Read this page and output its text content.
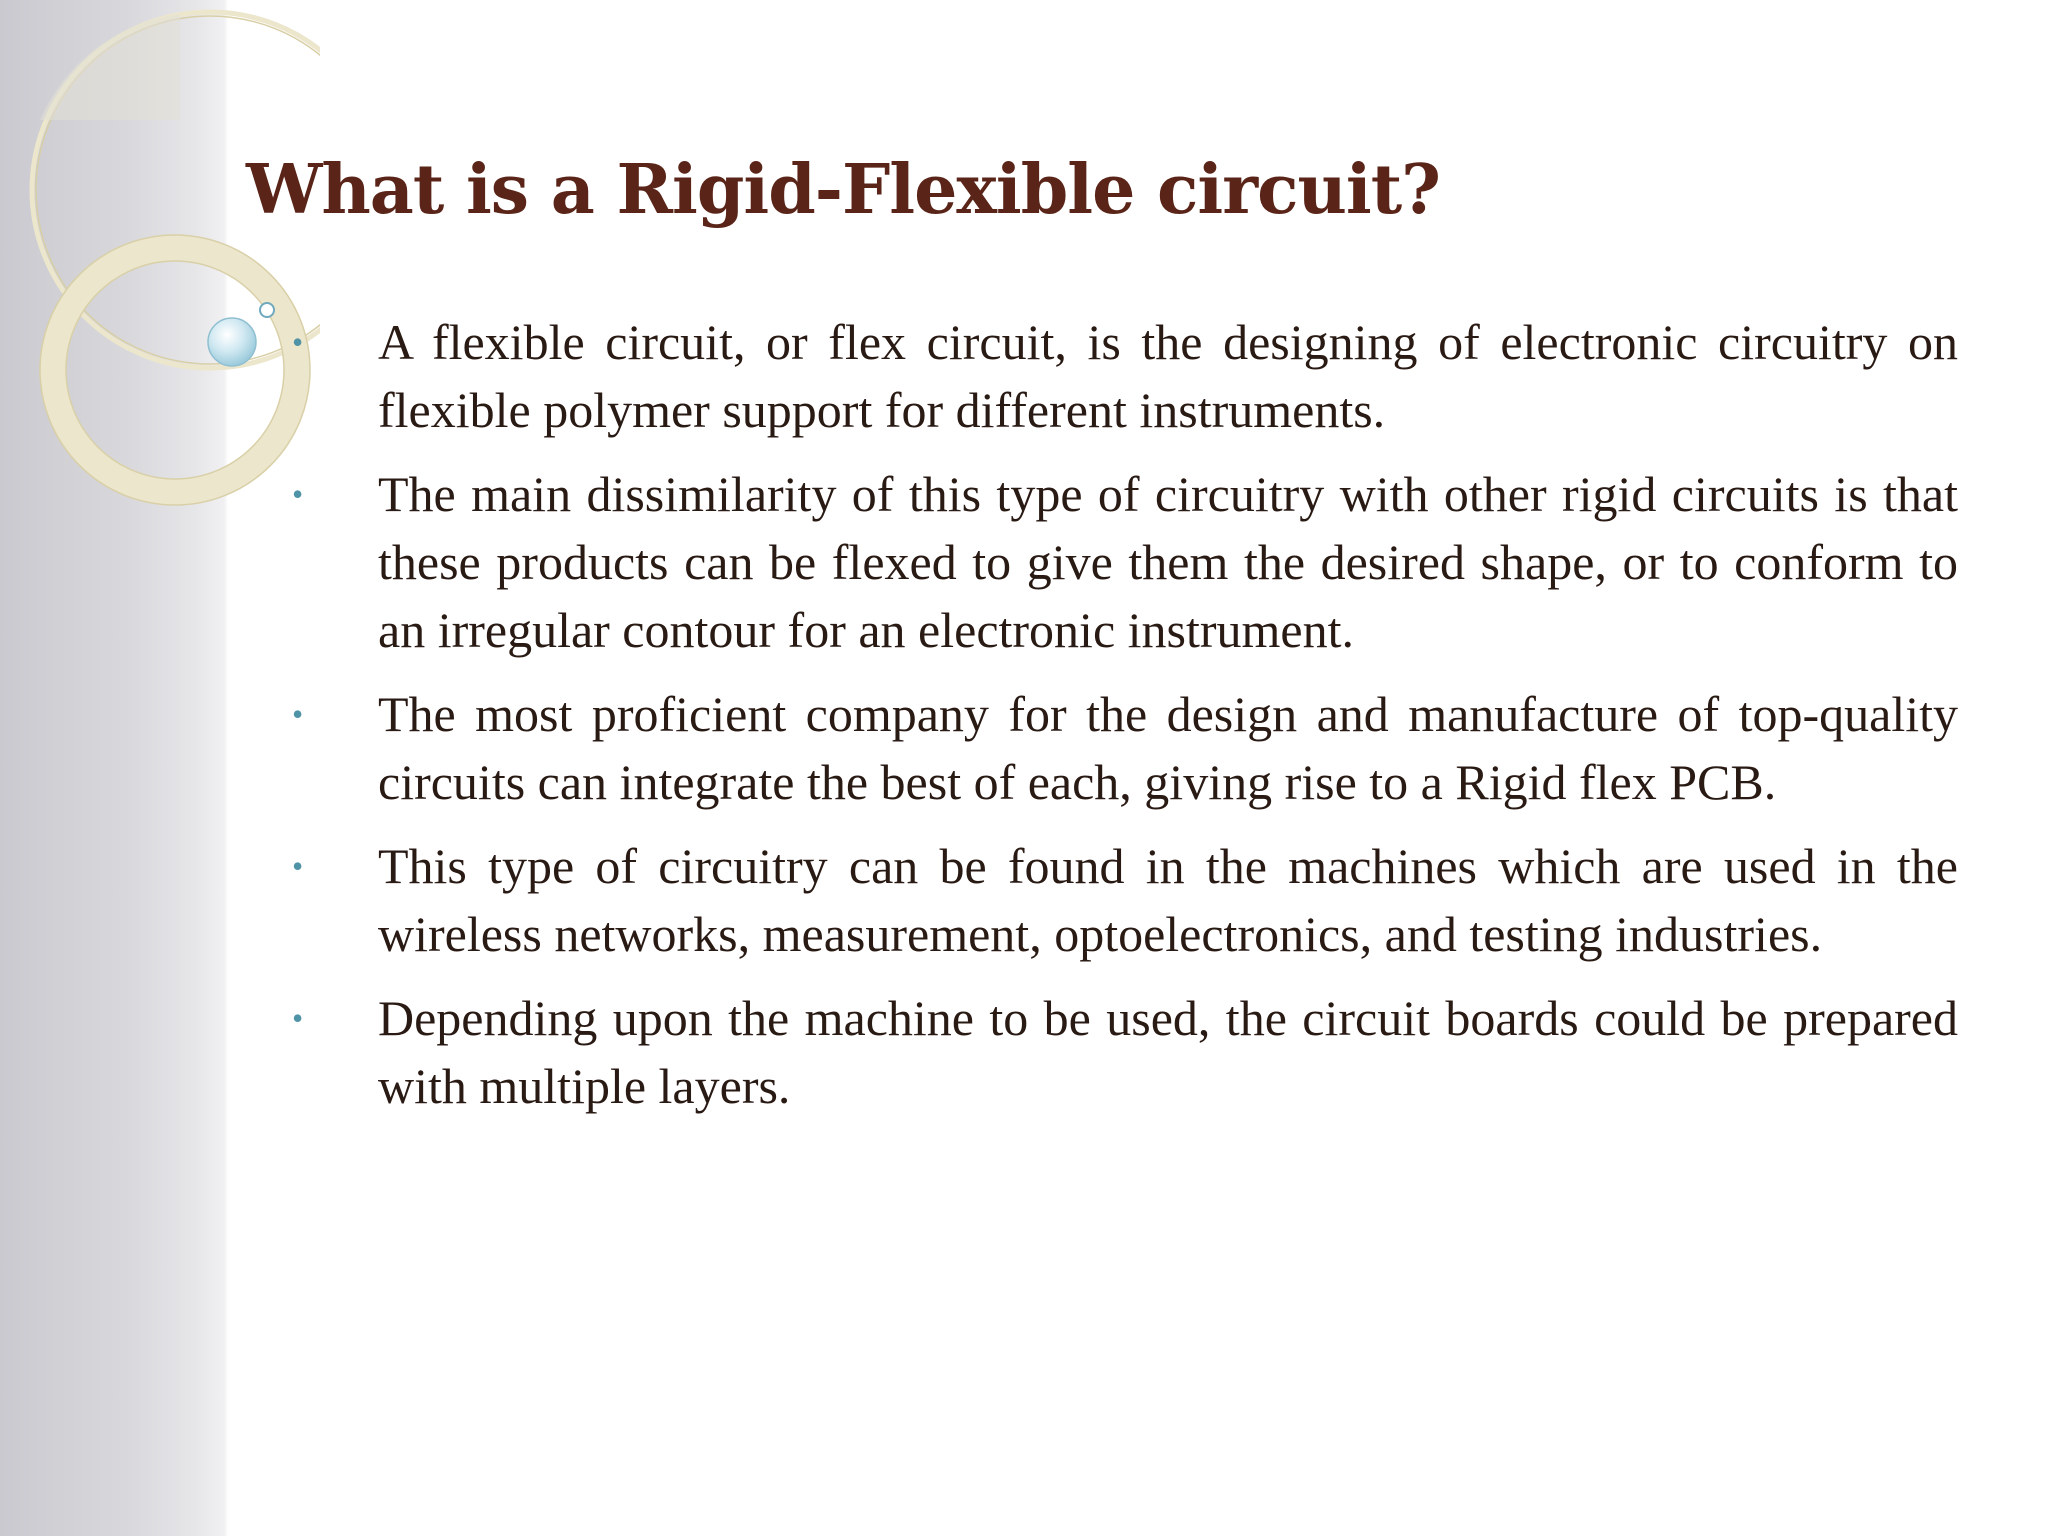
What is a Rigid-Flexible circuit?
• A flexible circuit, or flex circuit, is the designing of electronic circuitry on flexible polymer support for different instruments.
• The main dissimilarity of this type of circuitry with other rigid circuits is that these products can be flexed to give them the desired shape, or to conform to an irregular contour for an electronic instrument.
• The most proficient company for the design and manufacture of top-quality circuits can integrate the best of each, giving rise to a Rigid flex PCB.
• This type of circuitry can be found in the machines which are used in the wireless networks, measurement, optoelectronics, and testing industries.
• Depending upon the machine to be used, the circuit boards could be prepared with multiple layers.
